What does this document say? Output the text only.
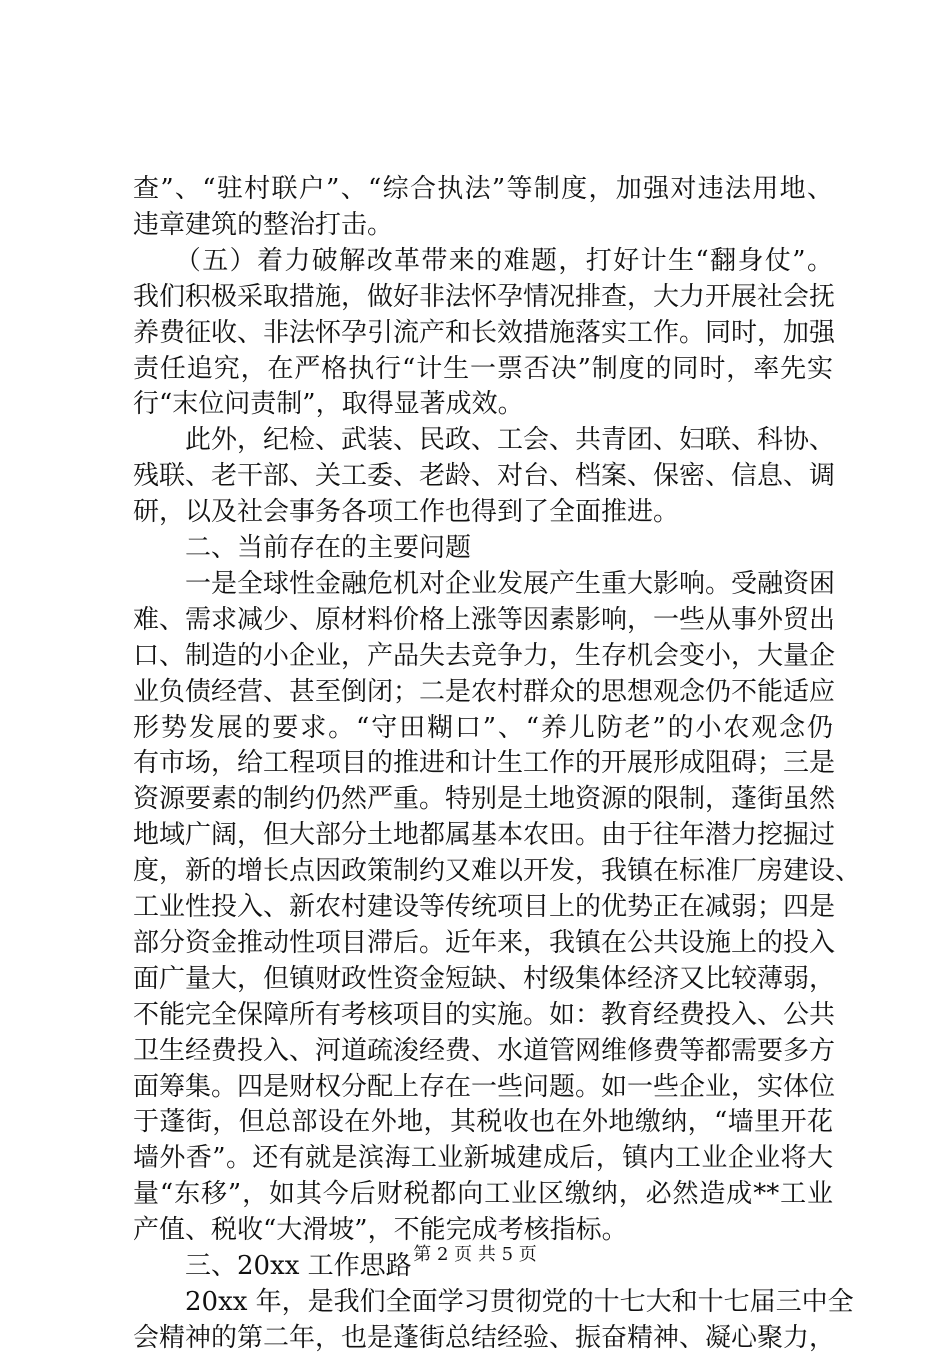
查”、“驻村联户”、“综合执法”等制度，加强对违法用地、
违章建筑的整治打击。
　　（五）着力破解改革带来的难题，打好计生“翻身仗”。
我们积极采取措施，做好非法怀孕情况排查，大力开展社会抚
养费征收、非法怀孕引流产和长效措施落实工作。同时，加强
责任追究，在严格执行“计生一票否决”制度的同时，率先实
行“末位问责制”，取得显著成效。
　　此外，纪检、武装、民政、工会、共青团、妇联、科协、
残联、老干部、关工委、老龄、对台、档案、保密、信息、调
研，以及社会事务各项工作也得到了全面推进。
　　二、当前存在的主要问题
　　一是全球性金融危机对企业发展产生重大影响。受融资困
难、需求减少、原材料价格上涨等因素影响，一些从事外贸出
口、制造的小企业，产品失去竞争力，生存机会变小，大量企
业负债经营、甚至倒闭；二是农村群众的思想观念仍不能适应
形势发展的要求。“守田糊口”、“养儿防老”的小农观念仍
有市场，给工程项目的推进和计生工作的开展形成阻碍；三是
资源要素的制约仍然严重。特别是土地资源的限制，蓬街虽然
地域广阔，但大部分土地都属基本农田。由于往年潜力挖掘过
度，新的增长点因政策制约又难以开发，我镇在标准厂房建设、
工业性投入、新农村建设等传统项目上的优势正在减弱；四是
部分资金推动性项目滞后。近年来，我镇在公共设施上的投入
面广量大，但镇财政性资金短缺、村级集体经济又比较薄弱，
不能完全保障所有考核项目的实施。如：教育经费投入、公共
卫生经费投入、河道疏浚经费、水道管网维修费等都需要多方
面筹集。四是财权分配上存在一些问题。如一些企业，实体位
于蓬街，但总部设在外地，其税收也在外地缴纳，“墙里开花
墙外香”。还有就是滨海工业新城建成后，镇内工业企业将大
量“东移”，如其今后财税都向工业区缴纳，必然造成**工业
产值、税收“大滑坡”，不能完成考核指标。
　　三、20xx 工作思路
　　20xx 年，是我们全面学习贯彻党的十七大和十七届三中全
会精神的第二年，也是蓬街总结经验、振奋精神、凝心聚力，
第 2 页 共 5 页
